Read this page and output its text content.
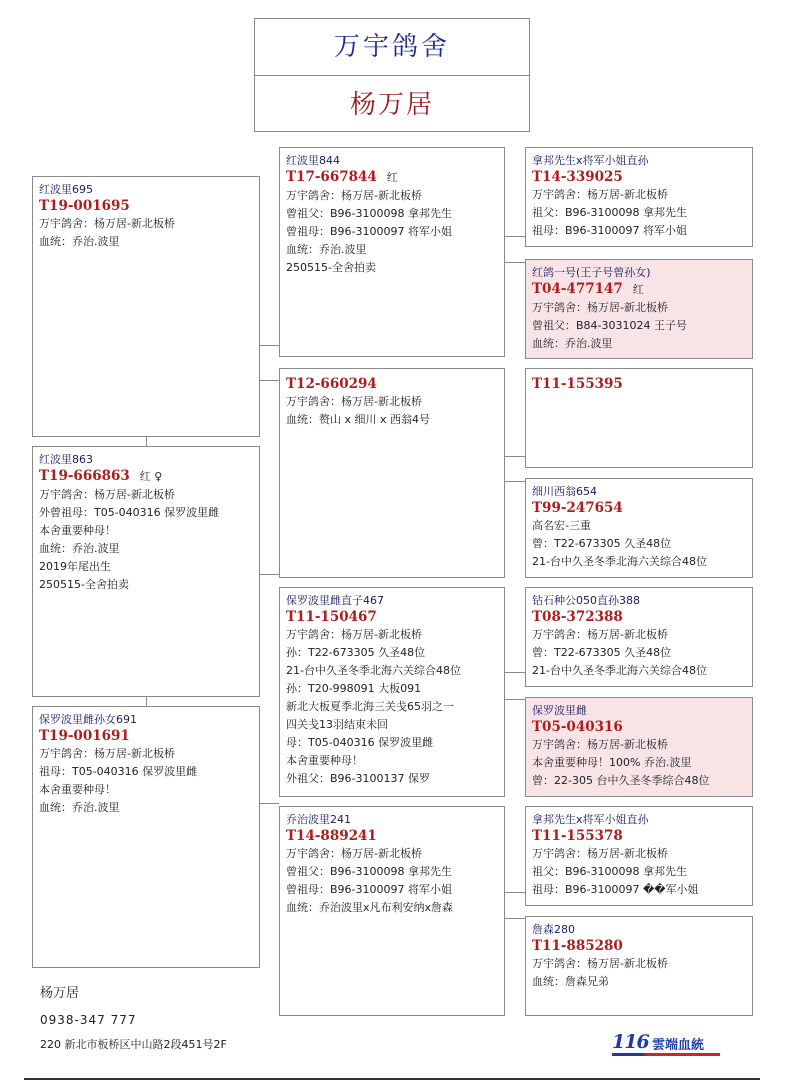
万宇鸽舍
杨万居
红波里695
T19-001695
万宇鸽舍：杨万居-新北板桥
血统：乔治.波里
红波里844
T17-667844 红
万宇鸽舍：杨万居-新北板桥
曾祖父：B96-3100098 拿邦先生
曾祖母：B96-3100097 将军小姐
血统：乔治.波里
250515-全舍拍卖
拿邦先生x将军小姐直孙
T14-339025
万宇鸽舍：杨万居-新北板桥
祖父：B96-3100098 拿邦先生
祖母：B96-3100097 将军小姐
红鸽一号(王子号曾孙女)
T04-477147 红
万宇鸽舍：杨万居-新北板桥
曾祖父：B84-3031024 王子号
血统：乔治.波里
T12-660294
万宇鸽舍：杨万居-新北板桥
血统：赘山 x 细川 x 西翁4号
T11-155395
细川西翁654
T99-247654
高名宏-三重
曾：T22-673305 久圣48位
21-台中久圣冬季北海六关综合48位
红波里863
T19-666863 红 ♀
万宇鸽舍：杨万居-新北板桥
外曾祖母：T05-040316 保罗波里雌
本舍重要种母！
血统：乔治.波里
2019年尾出生
250515-全舍拍卖
保罗波里雌直子467
T11-150467
万宇鸽舍：杨万居-新北板桥
孙：T22-673305 久圣48位
21-台中久圣冬季北海六关综合48位
孙：T20-998091 大板091
新北大板夏季北海三关戋65羽之一
四关戋13羽结束未回
母：T05-040316 保罗波里雌
本舍重要种母！
外祖父：B96-3100137 保罗
钻石种公050直孙388
T08-372388
万宇鸽舍：杨万居-新北板桥
曾：T22-673305 久圣48位
21-台中久圣冬季北海六关综合48位
保罗波里雌
T05-040316
万宇鸽舍：杨万居-新北板桥
本舍重要种母！100% 乔治.波里
曾：22-305 台中久圣冬季综合48位
保罗波里雌孙女691
T19-001691
万宇鸽舍：杨万居-新北板桥
祖母：T05-040316 保罗波里雌
本舍重要种母！
血统：乔治.波里
乔治波里241
T14-889241
万宇鸽舍：杨万居-新北板桥
曾祖父：B96-3100098 拿邦先生
曾祖母：B96-3100097 将军小姐
血统：乔治波里x凡布利安纳x詹森
拿邦先生x将军小姐直孙
T11-155378
万宇鸽舍：杨万居-新北板桥
祖父：B96-3100098 拿邦先生
祖母：B96-3100097 ��军小姐
詹森280
T11-885280
万宇鸽舍：杨万居-新北板桥
血统：詹森兄弟
杨万居
0938-347 777
220 新北市板桥区中山路2段451号2F	116 雲端血統
